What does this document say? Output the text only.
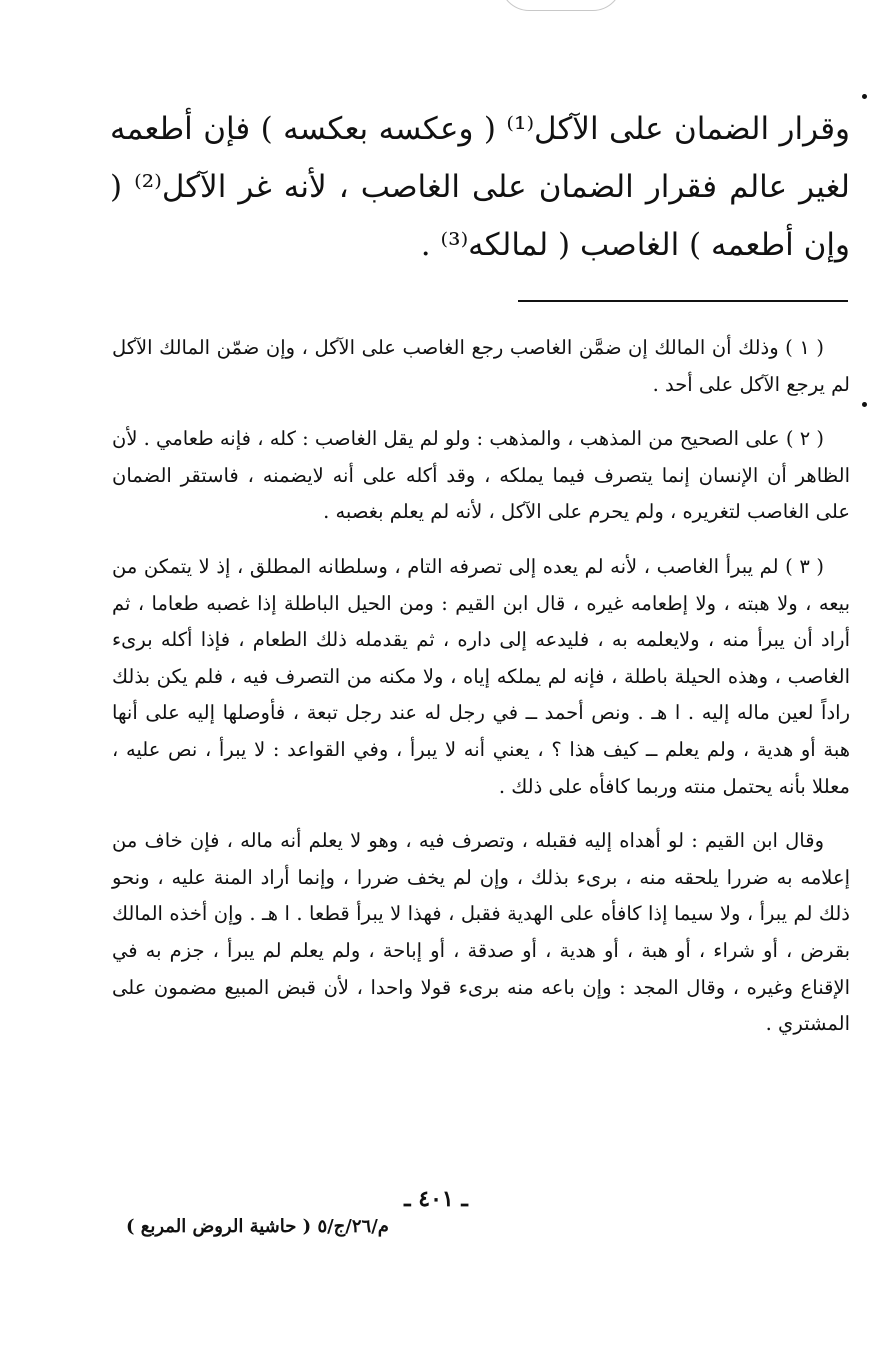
وقرار الضمان على الآكل⁽¹⁾ ( وعكسه بعكسه ) فإن أطعمه لغير عالم فقرار الضمان على الغاصب ، لأنه غر الآكل⁽²⁾ ( وإن أطعمه ) الغاصب ( لمالكه⁽³⁾ .

( ١ ) وذلك أن المالك إن ضمَّن الغاصب رجع الغاصب على الآكل ، وإن ضمّن المالك الآكل لم يرجع الآكل على أحد .

( ٢ ) على الصحيح من المذهب ، والمذهب : ولو لم يقل الغاصب : كله ، فإنه طعامي . لأن الظاهر أن الإنسان إنما يتصرف فيما يملكه ، وقد أكله على أنه لايضمنه ، فاستقر الضمان على الغاصب لتغريره ، ولم يحرم على الآكل ، لأنه لم يعلم بغصبه .

( ٣ ) لم يبرأ الغاصب ، لأنه لم يعده إلى تصرفه التام ، وسلطانه المطلق ، إذ لا يتمكن من بيعه ، ولا هبته ، ولا إطعامه غيره ، قال ابن القيم : ومن الحيل الباطلة إذا غصبه طعاما ، ثم أراد أن يبرأ منه ، ولايعلمه به ، فليدعه إلى داره ، ثم يقدمله ذلك الطعام ، فإذا أكله برىء الغاصب ، وهذه الحيلة باطلة ، فإنه لم يملكه إياه ، ولا مكنه من التصرف فيه ، فلم يكن بذلك راداً لعين ماله إليه . ا هـ . ونص أحمد ــ في رجل له عند رجل تبعة ، فأوصلها إليه على أنها هبة أو هدية ، ولم يعلم ــ كيف هذا ؟ ، يعني أنه لا يبرأ ، وفي القواعد : لا يبرأ ، نص عليه ، معللا بأنه يحتمل منته وربما كافأه على ذلك .

وقال ابن القيم : لو أهداه إليه فقبله ، وتصرف فيه ، وهو لا يعلم أنه ماله ، فإن خاف من إعلامه به ضررا يلحقه منه ، برىء بذلك ، وإن لم يخف ضررا ، وإنما أراد المنة عليه ، ونحو ذلك لم يبرأ ، ولا سيما إذا كافأه على الهدية فقبل ، فهذا لا يبرأ قطعا . ا هـ . وإن أخذه المالك بقرض ، أو شراء ، أو هبة ، أو هدية ، أو صدقة ، أو إباحة ، ولم يعلم لم يبرأ ، جزم به في الإقناع وغيره ، وقال المجد : وإن باعه منه برىء قولا واحدا ، لأن قبض المبيع مضمون على المشتري .

ـ ٤٠١ ـ
م/٢٦/ج/٥ ( حاشية الروض المربع )
